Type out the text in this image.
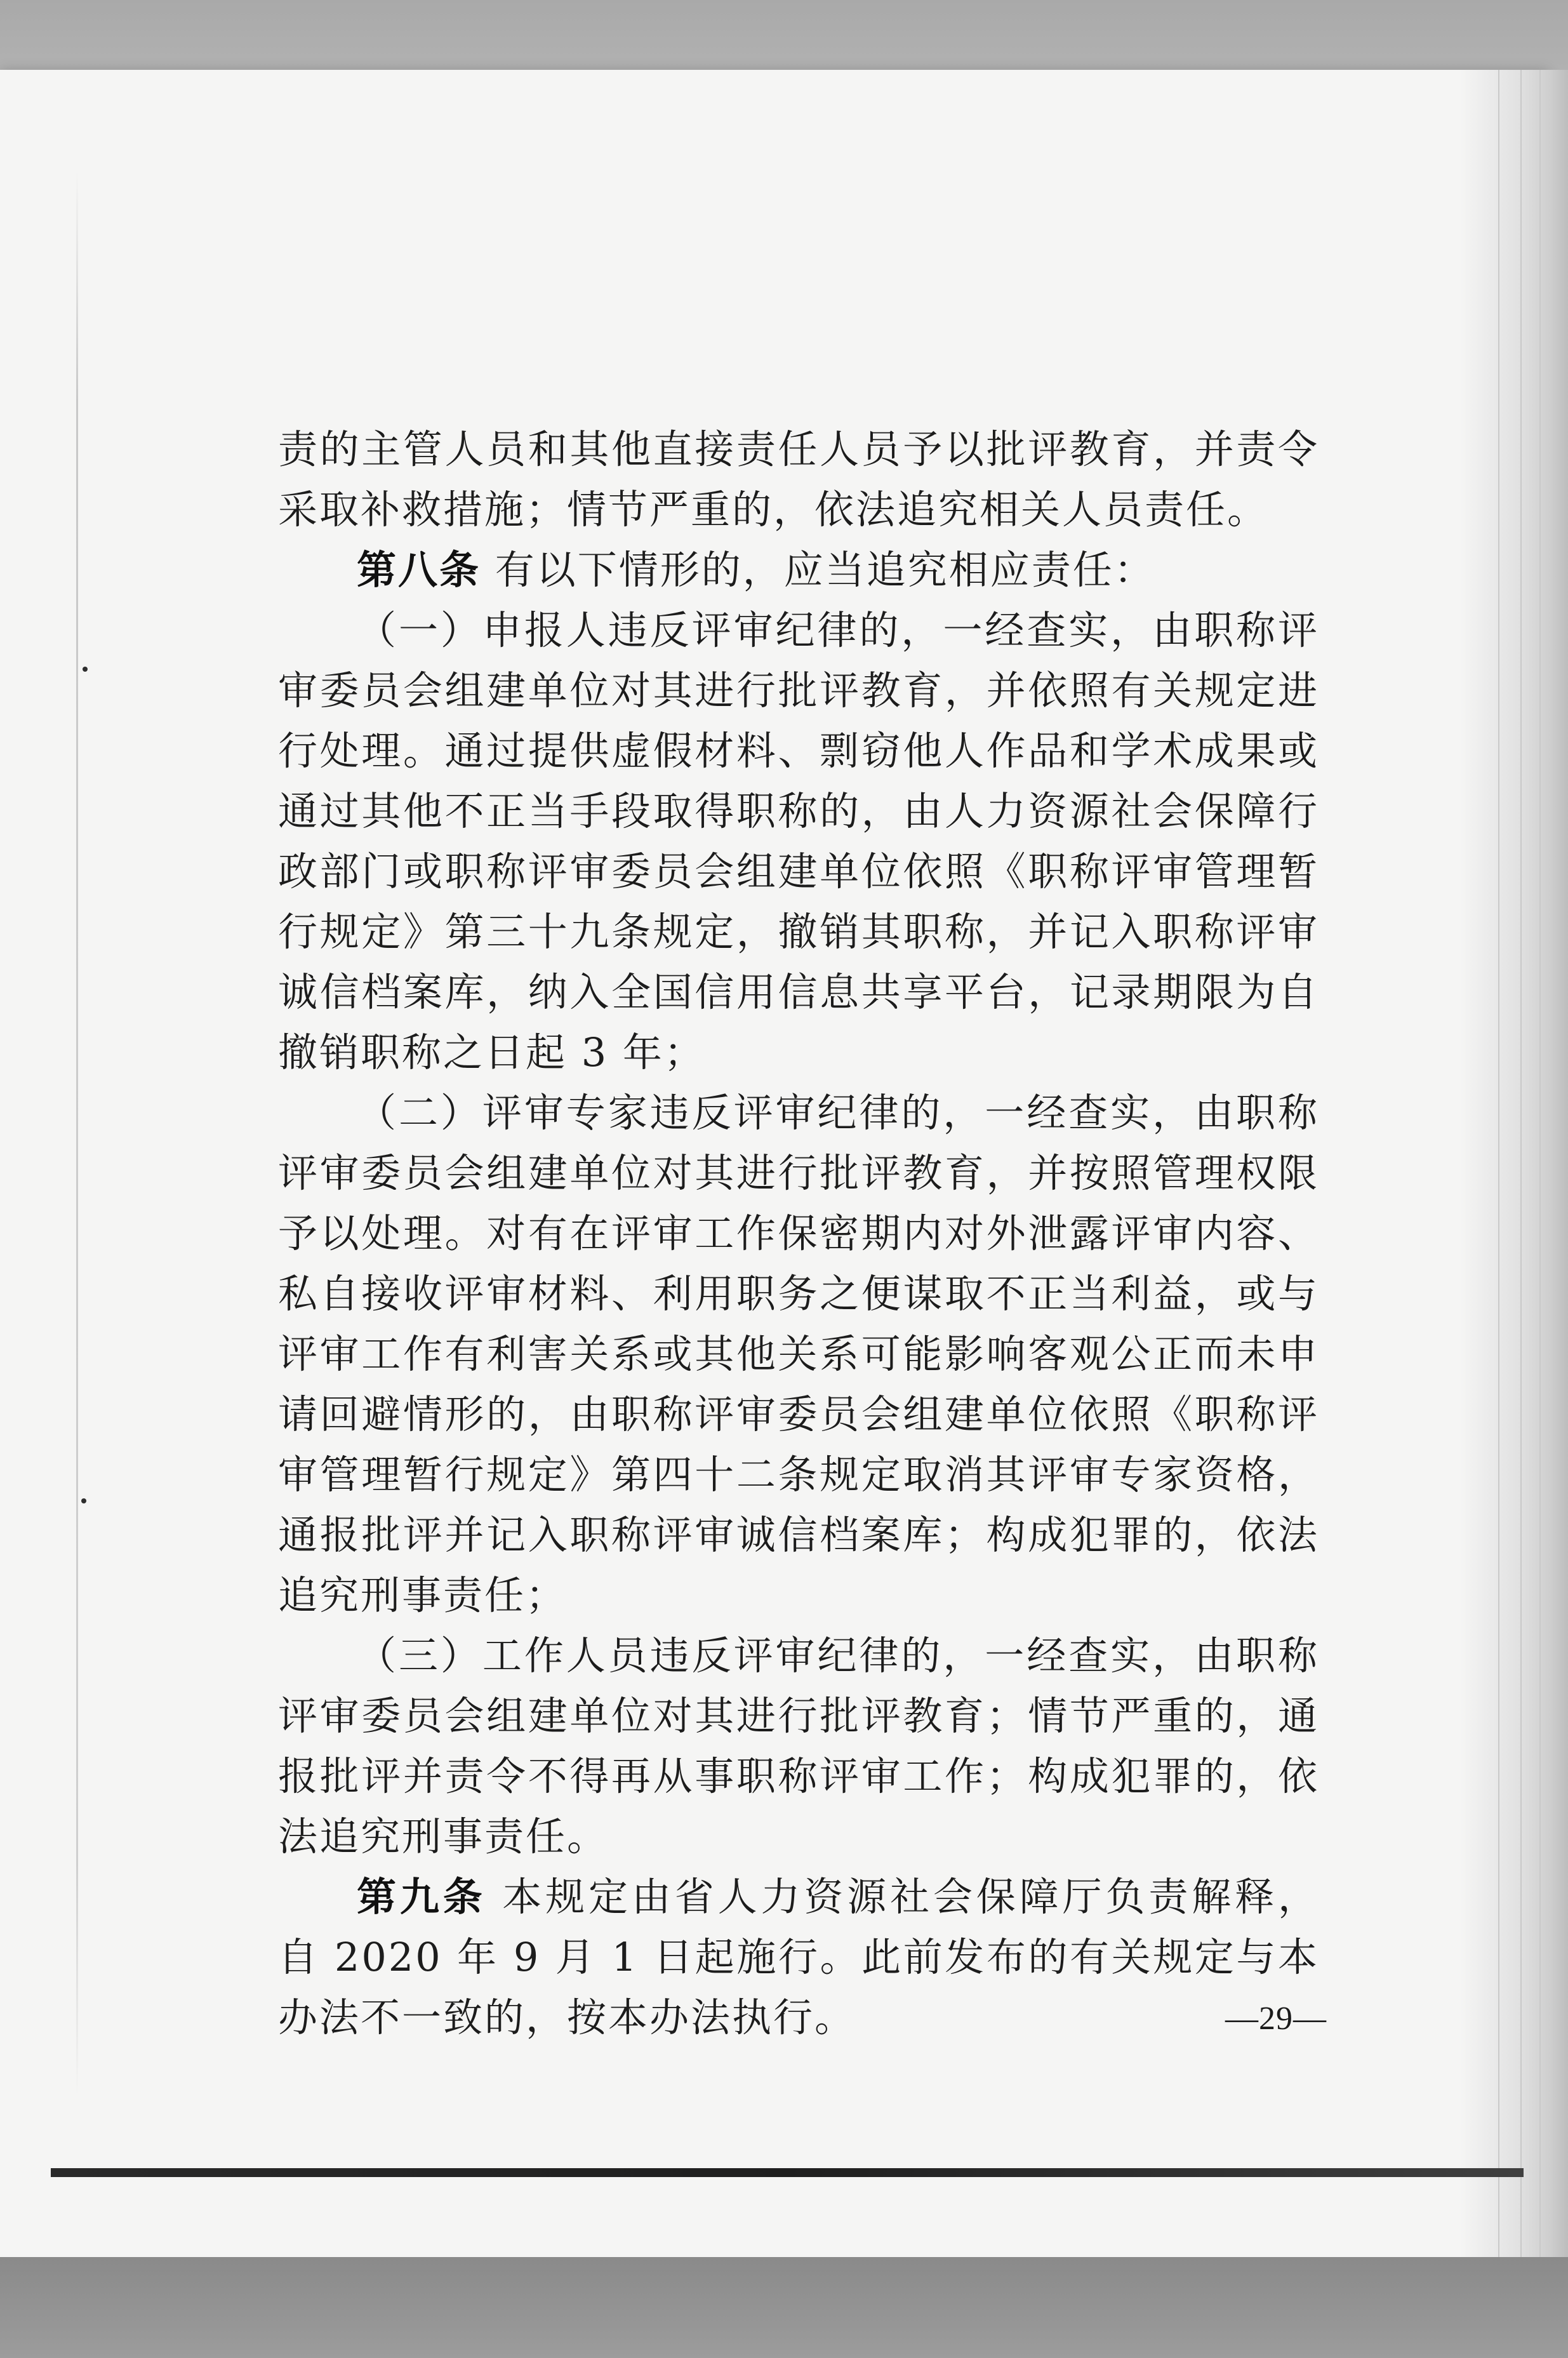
责的主管人员和其他直接责任人员予以批评教育，并责令采取补救措施；情节严重的，依法追究相关人员责任。

第八条 有以下情形的，应当追究相应责任：

（一）申报人违反评审纪律的，一经查实，由职称评审委员会组建单位对其进行批评教育，并依照有关规定进行处理。通过提供虚假材料、剽窃他人作品和学术成果或通过其他不正当手段取得职称的，由人力资源社会保障行政部门或职称评审委员会组建单位依照《职称评审管理暂行规定》第三十九条规定，撤销其职称，并记入职称评审诚信档案库，纳入全国信用信息共享平台，记录期限为自撤销职称之日起 3 年；

（二）评审专家违反评审纪律的，一经查实，由职称评审委员会组建单位对其进行批评教育，并按照管理权限予以处理。对有在评审工作保密期内对外泄露评审内容、私自接收评审材料、利用职务之便谋取不正当利益，或与评审工作有利害关系或其他关系可能影响客观公正而未申请回避情形的，由职称评审委员会组建单位依照《职称评审管理暂行规定》第四十二条规定取消其评审专家资格，通报批评并记入职称评审诚信档案库；构成犯罪的，依法追究刑事责任；

（三）工作人员违反评审纪律的，一经查实，由职称评审委员会组建单位对其进行批评教育；情节严重的，通报批评并责令不得再从事职称评审工作；构成犯罪的，依法追究刑事责任。

第九条 本规定由省人力资源社会保障厅负责解释，自 2020 年 9 月 1 日起施行。此前发布的有关规定与本办法不一致的，按本办法执行。	—29—
